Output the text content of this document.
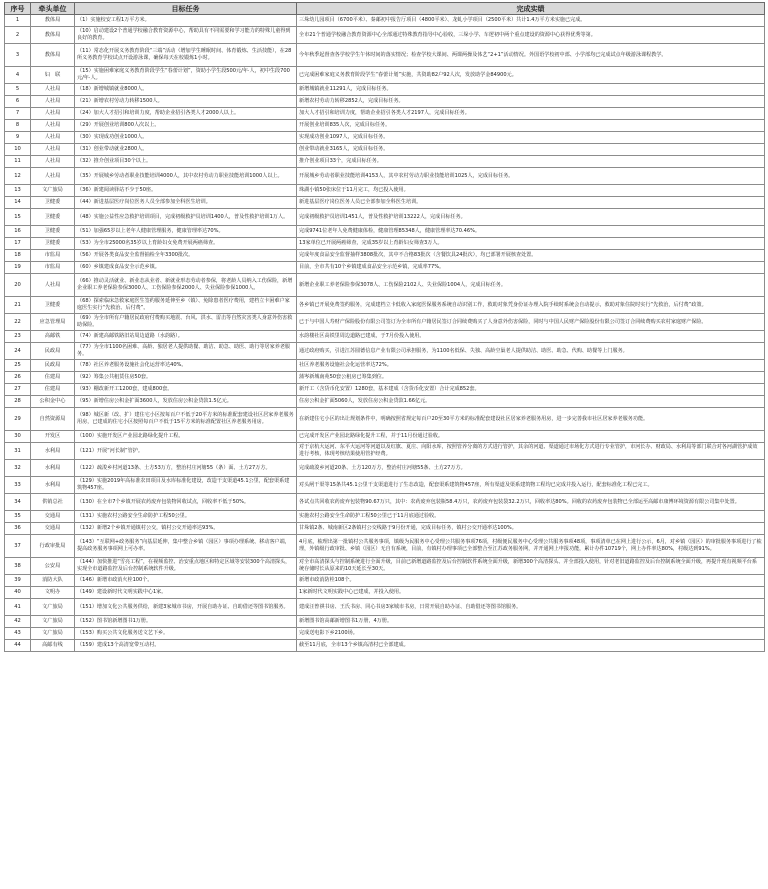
序号	牵头单位	目标任务	完成实绩
1	教体局	（1）实施校安工程1万平方米。	三垛幼儿园项目（6700平米）、秦邮初中报告厅项目（4800平米）、龙虬小学项目（2500平米）共计1.4万平方米实施已完成。
2	教体局	（10）启动建设2个普通学校融合教育资源中心，帮助具有不同需要和学习能力的特殊儿童得到良好的教育。	全市21个普通学校融合教育资源中心全部通过特殊教育指导中心验收，三垛小学、车逻初中两个重点建设的资源中心获得优秀等第。
3	教体局	（11）常态化开展义务教育阶段“三端”活动（增加学生睡眠时间、体育锻炼、生活技能），在28所义务教育学校试点开设游泳课，确保每天在校锻炼1小时。	今年秋季起督查各学校学生午休时间的落实情况；检查学校大课间、两课两操及体艺“2+1”活动情况。外国语学校初中部、小学部均已完成试点年级游泳课程教学。
4	妇　联	（15）实施困难家庭义务教育阶段学生“春蕾计划”，资助小学生段500元/年·人，初中生段700元/年·人。	已完成困难家庭义务教育阶段学生“春蕾计划”实施，共资助82户92人次，发放助学金84900元。
5	人社局	（18）新增城镇就业8000人。	新增城镇就业11291人，完成目标任务。
6	人社局	（21）新增农村劳动力转移1500人。	新增农村劳动力转移2852人，完成目标任务。
7	人社局	（24）加大人才招引和培训力度，帮助企业招引各类人才2000人以上。	加大人才招引和培训力度，帮助企业招引各类人才2197人，完成目标任务。
8	人社局	（29）开展创业培训800人次以上。	开展创业培训835人次，完成目标任务。
9	人社局	（30）实现成功创业1000人。	实现成功创业1097人，完成目标任务。
10	人社局	（31）创业带动就业2800人。	创业带动就业3165人，完成目标任务。
11	人社局	（32）推介创业项目30个以上。	推介创业项目33个，完成目标任务。
12	人社局	（35）开展城乡劳动者职业技能培训4000人，其中农村劳动力职业技能培训1000人以上。	开展城乡劳动者职业技能培训4153人，其中农村劳动力职业技能培训1025人，完成目标任务。
13	文广旅局	（36）新建阅读驿站不少于50座。	珠湖小镇50张床位于11月完工，均已投入使用。
14	卫健委	（44）新进基层医疗岗位医务人员全部参加全科医生培训。	新进基层医疗岗位医务人员已全部参加全科医生培训。
15	卫健委	（48）实施公益性应急救护培训项目，完成初级救护员培训1400人，普及性救护培训1万人。	完成初级救护员培训1451人，普及性救护培训13222人，完成目标任务。
16	卫健委	（51）加强65岁以上老年人健康管理服务，健康管理率达70%。	完成9741位老年人免费健康体检，健康管理85348人，健康管理率达70.46%。
17	卫健委	（53）为全市25000名35岁以上育龄妇女免费开展两癌筛查。	13家单位已开展两癌筛查，完成35岁以上育龄妇女筛查3万人。
18	市监局	（56）开展各类食品安全监督抽检全年3300批次。	完成年度食品安全监督抽样3808批次，其中不合格83批次（含餐饮具24批次），均已部署开展核查处置。
19	市监局	（60）乡镇建成食品安全示范乡镇。	目前，全市共有10个乡镇建成食品安全示范乡镇，完成率77%。
20	人社局	（66）推动灵活就业、新业态从业者、新就业形态劳动者参保，将老龄人员纳入工伤保险，新增企业职工养老保险参保3000人、工伤保险参保2000人、失业保险参保1000人。	新增企业职工养老保险参保3078人、工伤保险2102人、失业保险1004人，完成目标任务。
21	卫健委	（68）探索临床急救家庭医生签约服务延伸至乡（镇）、免除患者医疗费用，建档立卡困难户家庭医生实行“先救治、后付费”。	各乡镇已开展免费签约服务，完成建档立卡低收入家庭医保服务系统自动识别工作，救助对象凭身份证办理入院手续时系统会自动提示，救助对象住院时实行“先救治，后付费”政策。
22	应急管理局	（69）为全市所有户籍居民政府付费购买地震、台风、洪水、雷击等自然灾害类人身意外伤害救助保险。	已于与中国人寿财产保险股份有限公司签订为全市所有户籍居民签订合同续费购买了人身意外伤害保险，同时与中国人民财产保险股份有限公司签订合同续费购买农村家庭财产保险。
23	高邮铁	（74）新建高邮铁路旧站周边道路（水韵路）。	水韵楼社区高铁里周边道路已建成，于7月份投入使用。
24	民政局	（77）为全市1100名困难、高龄、独居老人提供助餐、助洁、助急、助医、助行等居家养老服务。	通过政府购买，引进江苏圆德信息产业有限公司承担服务，为1100名低保、失独、高龄空巢老人提供助洁、助医、助急、代购、助餐等上门服务。
25	民政局	（78）社区养老服务设施社会化运营率达40%。	社区养老服务设施社会化运营率达72%。
26	住建局	（92）筹集公共租赁住房50套。	蒲岑新城南苑50套公租房已筹集到位。
27	住建局	（93）棚改新开工1200套，建成800套。	新开工（含货币化安置）1280套，基本建成（含货币化安置）合计完成852套。
28	公积金中心	（95）新增住房公积金扩面3600人，发放住房公积金贷款1.5亿元。	住房公积金扩面5060人，发放住房公积金贷款1.66亿元。
29	自然资源局	（98）城区新（改、扩）建住宅小区按每百户不低于20平方米的标准配套建设社区居家养老服务用房，已建成的住宅小区按照每百户不低于15平方米的标准配置社区养老服务用房。	在新建住宅小区的出让规划条件中，明确按照省规定每百户20至30平方米的标准配套建设社区居家养老服务用房，进一步完善我市社区居家养老服务功能。
30	开发区	（100）实施开发区产业园北路绿化提升工程。	已完成开发区产业园北路绿化提升工程，并于11月份通过验收。
31	水利局	（121）开展“河长制”管护。	对于京杭大运河、东平大运河等河道以及红旗、夏庄、向阳水库，按照管养分离的方式进行管护，其余的河道、渠道通过市场化方式进行专业管护，市河长办、财政局、水利局等部门联合对各河湖管护成效进行考核，体现考核结果使用管护经费。
32	水利局	（122）疏浚乡村河道13条、土方53万方，整治村庄河塘55（条）面、土方27万方。	完成疏浚乡河道20条、土方120万方，整治村庄河塘55条、土方27万方。
33	水利局	（129）实施2019年高标准农田项目及水库标准化建设，改造干支渠道45.1公里，配套渠系建筑物457座。	对头闸干渠等15条共45.1公里干支渠道进行了生态改造，配套渠系建筑物457座，所有渠道及渠系建筑物工程均已完成并投入运行，配套标准化工程已完工。
34	供销总社	（130）在全市7个乡镇开展农药废弃包装物回收试点，回收率不低于50%。	各试点共回收农药废弃包装物90.67万只，其中：农药废弃包装瓶58.4万只，农药废弃包装袋32.2万只，回收率达80%。回收的农药废弃包装物已全部运至高邮市康博环境资源有限公司集中处置。
35	交通局	（131）实施农村公路安全生命防护工程50公里。	实施农村公路安全生命防护工程50公里已于11月底通过验收。
36	交通局	（132）新增2个乡镇开通镇村公交，镇村公交开通率达93%。	甘垛镇2条、城南新区2条镇村公交线路于9月份开通，完成目标任务，镇村公交开通率达100%。
37	行政审批局	（143）“互联网+政务服务”向基层延伸，集中整合乡镇（园区）事项办理系统、移动客户端，提高政务服务事项网上可办率。	4月底，梳理出第一批镇村公共服务事项，镇级为民服务中心受理公共服务事项76项，村级便民服务中心受理公共服务事项48项，事项清单已在网上进行公示，6月，对乡镇（园区）的审批服务事项进行了梳理，外镇级行政审批、乡镇（园区）无自有系统，目前，有镇村办理事项已全部整合至江苏政务服务网，并开通网上申报功能，累计办件10719个，网上办件率达80%，村级达到91%。
38	公安局	（144）加快推进“雪亮工程”，在视频监控、治安重点地区和特定区域等安装300个高清探头，实现全市道路监控及后台控制系统软件升级。	对全市高清探头与控制系统进行全面升级，目前已新增道路监控及后台控制软件系统全面升级，新增300个高清探头、并全部投入使用，针对老旧道路监控及后台控制系统全面升级，再提升现有视频平台系统存储时长从原来的10天延长至30天。
39	消防大队	（146）新增市政消火栓100个。	新增市政消防栓108个。
40	文明办	（149）建设新时代文明实践中心1家。	1家新时代文明实践中心已建成，并投入使用。
41	文广旅局	（151）增加文化公共服务供给，新建3家城市书房，开展自助办证、自助借还等图书馆服务。	建成汪曾祺书房、王氏书房、同心书房3家城市书房，日常开展自助办证、自助借还等图书馆服务。
42	文广旅局	（152）图书馆新增图书1万册。	新增图书馆高邮新增图书1万册，4万册。
43	文广旅局	（153）购买公共文化服务送文艺下乡。	完成送电影下乡2100场。
44	高邮有线	（159）建成13个高清宽带互动村。	截至11月底，全市13个乡镇高清村已全部建成。
